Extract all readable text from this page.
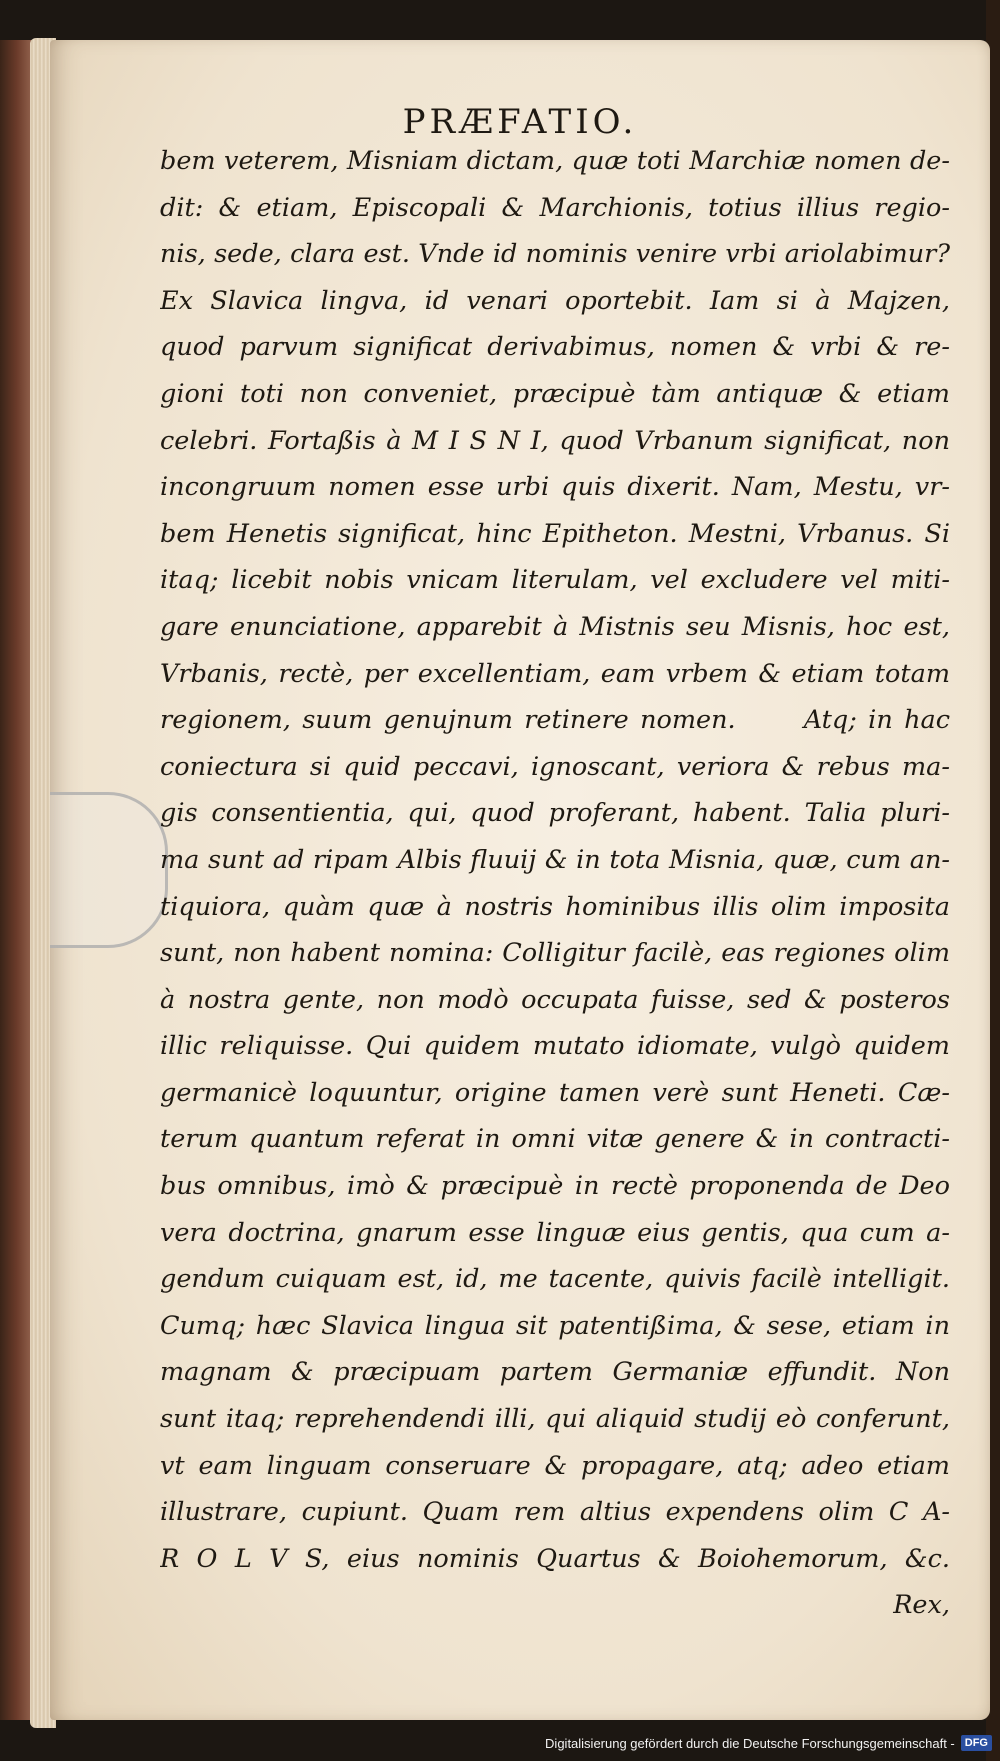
PRÆFATIO.
bem veterem, Misniam dictam, quæ toti Marchiæ nomen de-
dit: & etiam, Episcopali & Marchionis, totius illius regio-
nis, sede, clara est. Vnde id nominis venire vrbi ariolabimur?
Ex Slavica lingva, id venari oportebit. Iam si à Majzen,
quod parvum significat derivabimus, nomen & vrbi & re-
gioni toti non conveniet, præcipuè tàm antiquæ & etiam
celebri. Fortaßis à M I S N I, quod Vrbanum significat, non
incongruum nomen esse urbi quis dixerit. Nam, Mestu, vr-
bem Henetis significat, hinc Epitheton. Mestni, Vrbanus. Si
itaq; licebit nobis vnicam literulam, vel excludere vel miti-
gare enunciatione, apparebit à Mistnis seu Misnis, hoc est,
Vrbanis, rectè, per excellentiam, eam vrbem & etiam totam
regionem, suum genujnum retinere nomen.      Atq; in hac
coniectura si quid peccavi, ignoscant, veriora & rebus ma-
gis consentientia, qui, quod proferant, habent. Talia pluri-
ma sunt ad ripam Albis fluuij & in tota Misnia, quæ, cum an-
tiquiora, quàm quæ à nostris hominibus illis olim imposita
sunt, non habent nomina: Colligitur facilè, eas regiones olim
à nostra gente, non modò occupata fuisse, sed & posteros
illic reliquisse. Qui quidem mutato idiomate, vulgò quidem
germanicè loquuntur, origine tamen verè sunt Heneti. Cæ-
terum quantum referat in omni vitæ genere & in contracti-
bus omnibus, imò & præcipuè in rectè proponenda de Deo
vera doctrina, gnarum esse linguæ eius gentis, qua cum a-
gendum cuiquam est, id, me tacente, quivis facilè intelligit.
Cumq; hæc Slavica lingua sit patentißima, & sese, etiam in
magnam & præcipuam partem Germaniæ effundit. Non
sunt itaq; reprehendendi illi, qui aliquid studij eò conferunt,
vt eam linguam conseruare & propagare, atq; adeo etiam
illustrare, cupiunt. Quam rem altius expendens olim C A-
R O L V S, eius nominis Quartus & Boiohemorum, &c.
Rex,
Digitalisierung gefördert durch die Deutsche Forschungsgemeinschaft - DFG
